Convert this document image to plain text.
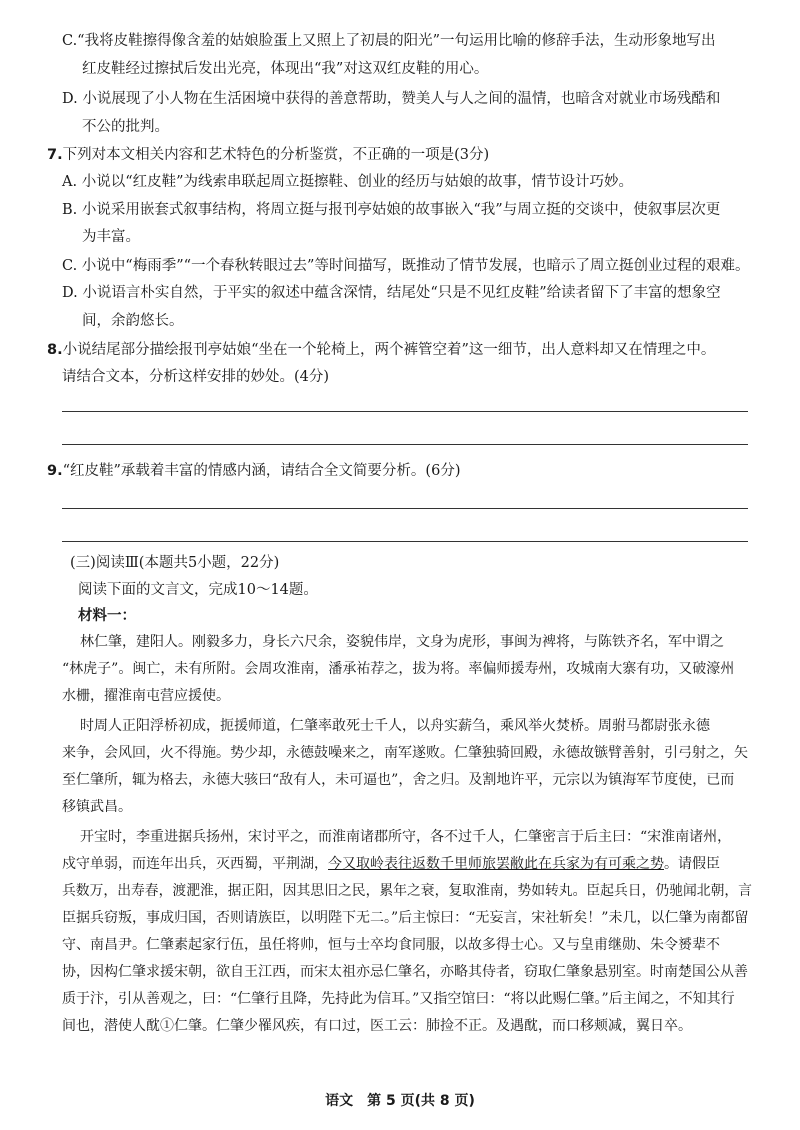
C.“我将皮鞋擦得像含羞的姑娘脸蛋上又照上了初晨的阳光”一句运用比喻的修辞手法，生动形象地写出
红皮鞋经过擦拭后发出光亮，体现出“我”对这双红皮鞋的用心。
D. 小说展现了小人物在生活困境中获得的善意帮助，赞美人与人之间的温情，也暗含对就业市场残酷和
不公的批判。
7.下列对本文相关内容和艺术特色的分析鉴赏，不正确的一项是(3分)
A. 小说以“红皮鞋”为线索串联起周立挺擦鞋、创业的经历与姑娘的故事，情节设计巧妙。
B. 小说采用嵌套式叙事结构，将周立挺与报刊亭姑娘的故事嵌入“我”与周立挺的交谈中，使叙事层次更
为丰富。
C. 小说中“梅雨季”“一个春秋转眼过去”等时间描写，既推动了情节发展，也暗示了周立挺创业过程的艰难。
D. 小说语言朴实自然，于平实的叙述中蕴含深情，结尾处“只是不见红皮鞋”给读者留下了丰富的想象空
间，余韵悠长。
8.小说结尾部分描绘报刊亭姑娘“坐在一个轮椅上，两个裤管空着”这一细节，出人意料却又在情理之中。
请结合文本，分析这样安排的妙处。(4分)
9.“红皮鞋”承载着丰富的情感内涵，请结合全文简要分析。(6分)
(三)阅读Ⅲ(本题共5小题，22分)
阅读下面的文言文，完成10～14题。
材料一：
林仁肇，建阳人。刚毅多力，身长六尺余，姿貌伟岸，文身为虎形，事闽为裨将，与陈铁齐名，军中谓之
“林虎子”。闽亡，未有所附。会周攻淮南，潘承祐荐之，拔为将。率偏师援寿州，攻城南大寨有功，又破濠州
水栅，擢淮南屯营应援使。
时周人正阳浮桥初成，扼援师道，仁肇率敢死士千人，以舟实薪刍，乘风举火焚桥。周驸马都尉张永德
来争，会风回，火不得施。势少却，永德鼓噪来之，南军遂败。仁肇独骑回殿，永德故镞臂善射，引弓射之，矢
至仁肇所，辄为格去，永德大骇曰“敌有人，未可逼也”，舍之归。及割地许平，元宗以为镇海军节度使，已而
移镇武昌。
开宝时，李重进据兵扬州，宋讨平之，而淮南诸郡所守，各不过千人，仁肇密言于后主曰：“宋淮南诸州，
戍守单弱，而连年出兵，灭西蜀，平荆湖，今又取岭表往返数千里师旅罢敝此在兵家为有可乘之势。请假臣
兵数万，出寿春，渡淝淮，据正阳，因其思旧之民，累年之衰，复取淮南，势如转丸。臣起兵日，仍驰闻北朝，言
臣据兵窃叛，事成归国，否则请族臣，以明陛下无二。”后主惊曰：“无妄言，宋社斩矣！”未几，以仁肇为南都留
守、南昌尹。仁肇素起家行伍，虽任将帅，恒与士卒均食同服，以故多得士心。又与皇甫继勋、朱令赟辈不
协，因构仁肇求援宋朝，欲自王江西，而宋太祖亦忌仁肇名，亦略其侍者，窃取仁肇象悬别室。时南楚国公从善
质于汴，引从善观之，曰：“仁肇行且降，先持此为信耳。”又指空馆曰：“将以此赐仁肇。”后主闻之，不知其行
间也，潜使人酖①仁肇。仁肇少罹风疾，有口过，医工云：肺捡不正。及遇酖，而口移颊减，翼日卒。
语文　第 5 页(共 8 页)
